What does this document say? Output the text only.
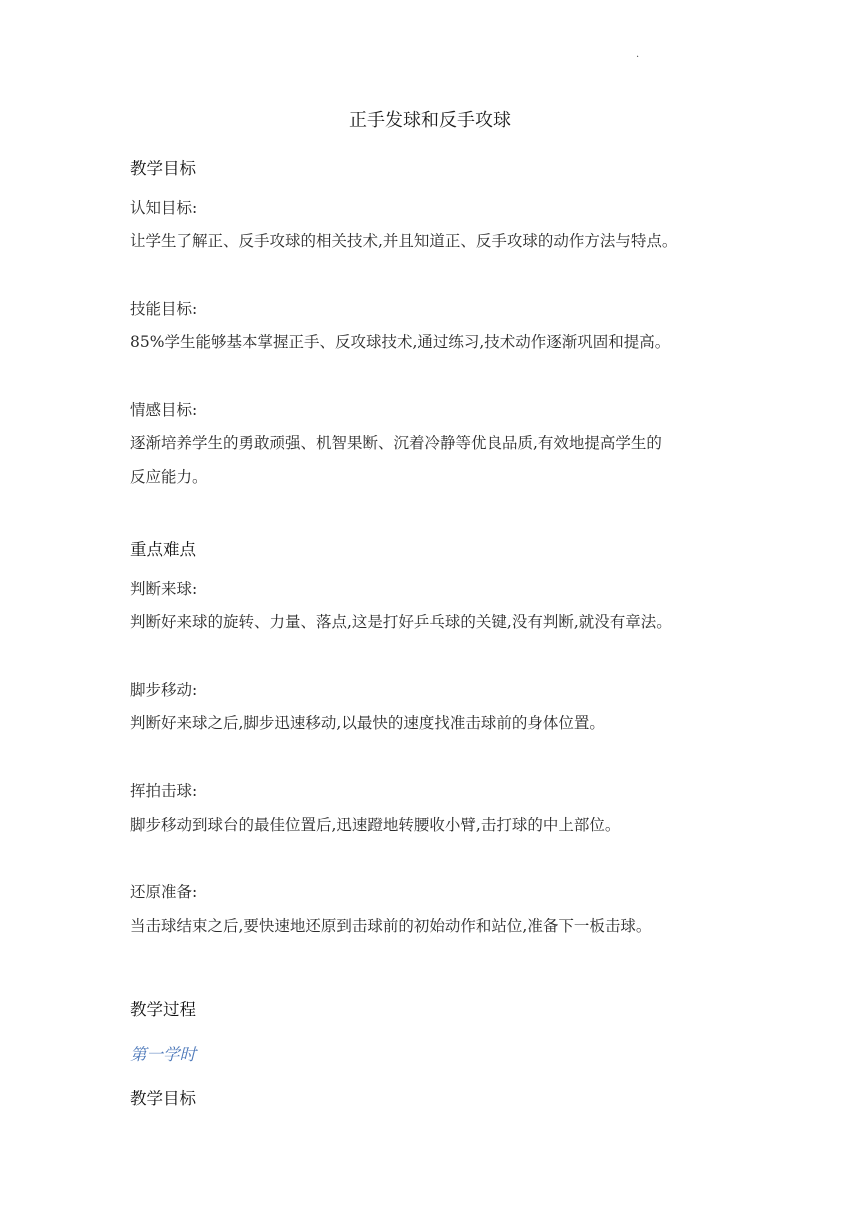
·
正手发球和反手攻球
教学目标
认知目标:
让学生了解正、反手攻球的相关技术,并且知道正、反手攻球的动作方法与特点。
技能目标:
85%学生能够基本掌握正手、反攻球技术,通过练习,技术动作逐渐巩固和提高。
情感目标:
逐渐培养学生的勇敢顽强、机智果断、沉着冷静等优良品质,有效地提高学生的
反应能力。
重点难点
判断来球:
判断好来球的旋转、力量、落点,这是打好乒乓球的关键,没有判断,就没有章法。
脚步移动:
判断好来球之后,脚步迅速移动,以最快的速度找准击球前的身体位置。
挥拍击球:
脚步移动到球台的最佳位置后,迅速蹬地转腰收小臂,击打球的中上部位。
还原准备:
当击球结束之后,要快速地还原到击球前的初始动作和站位,准备下一板击球。
教学过程
第一学时
教学目标
